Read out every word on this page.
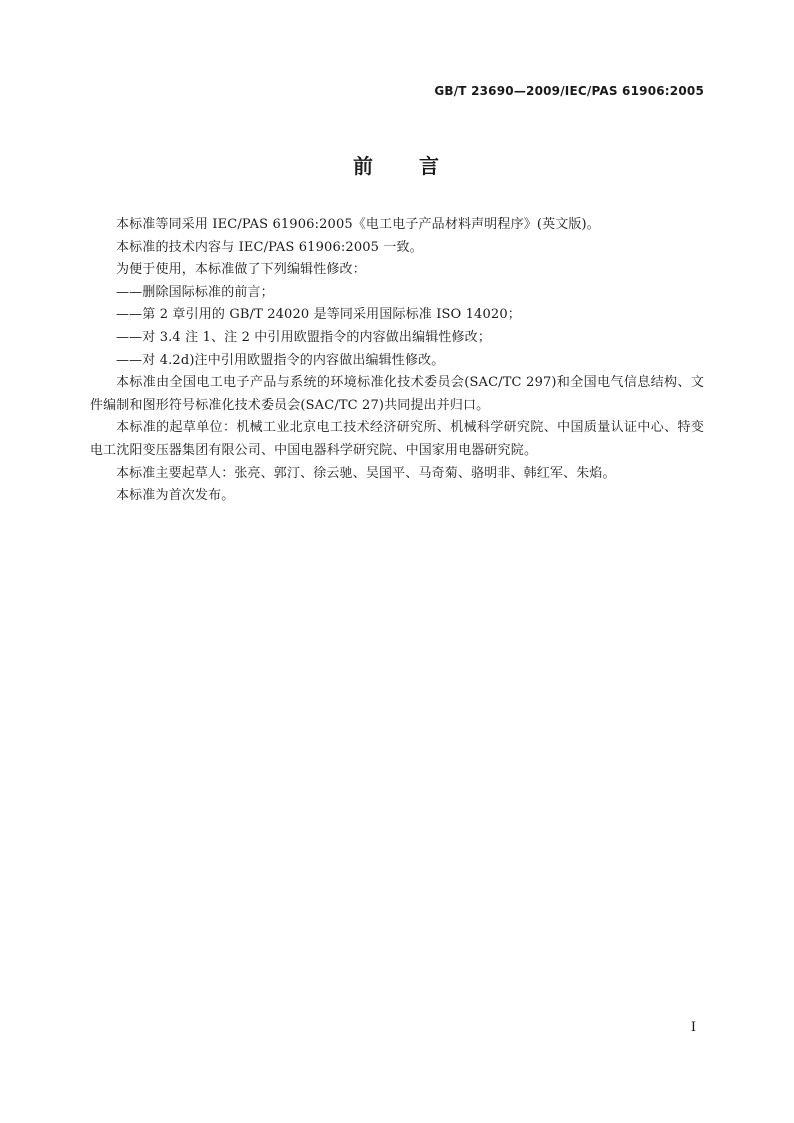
GB/T 23690—2009/IEC/PAS 61906:2005
前　　言

本标准等同采用 IEC/PAS 61906:2005《电工电子产品材料声明程序》(英文版)。

本标准的技术内容与 IEC/PAS 61906:2005 一致。

为便于使用，本标准做了下列编辑性修改：

——删除国际标准的前言；

——第 2 章引用的 GB/T 24020 是等同采用国际标准 ISO 14020；

——对 3.4 注 1、注 2 中引用欧盟指令的内容做出编辑性修改；

——对 4.2d)注中引用欧盟指令的内容做出编辑性修改。

本标准由全国电工电子产品与系统的环境标准化技术委员会(SAC/TC 297)和全国电气信息结构、文件编制和图形符号标准化技术委员会(SAC/TC 27)共同提出并归口。

本标准的起草单位：机械工业北京电工技术经济研究所、机械科学研究院、中国质量认证中心、特变电工沈阳变压器集团有限公司、中国电器科学研究院、中国家用电器研究院。

本标准主要起草人：张亮、郭汀、徐云驰、吴国平、马奇菊、骆明非、韩红军、朱焰。

本标准为首次发布。

I
